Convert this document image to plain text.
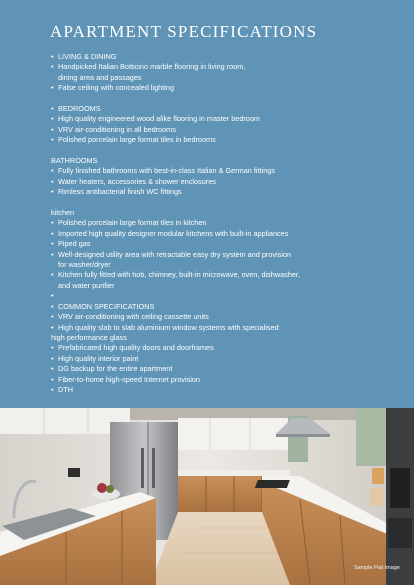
APARTMENT SPECIFICATIONS
• LIVING & DINING
• Handpicked Italian Botticino marble flooring in living room,
dining area and passages
• False ceiling with concealed lighting
• BEDROOMS
• High quality engineered wood alike flooring in master bedroom
• VRV air-conditioning in all bedrooms
• Polished porcelain large format tiles in bedrooms
BATHROOMS
• Fully finished bathrooms with best-in-class Italian & German fittings
• Water heaters, accessories & shower enclosures
• Rimless antibacterial finish WC fittings
kitchen
• Polished porcelain large format tiles in kitchen
• Imported high quality designer modular kitchens with built-in appliances
• Piped gas
• Well-designed utility area with retractable easy dry system and provision
for washer/dryer
• Kitchen fully fitted with hob, chimney, built-in microwave, oven, dishwasher,
and water purifier
•
• COMMON SPECIFICATIONS
• VRV air-conditioning with ceiling cassette units
• High quality slab to slab aluminium window systems with specialised
high performance glass
• Prefabricated high quality doors and doorframes
• High quality interior paint
• DG backup for the entire apartment
• Fiber-to-home high-speed Internet provision
• DTH
Sample Flat Image
